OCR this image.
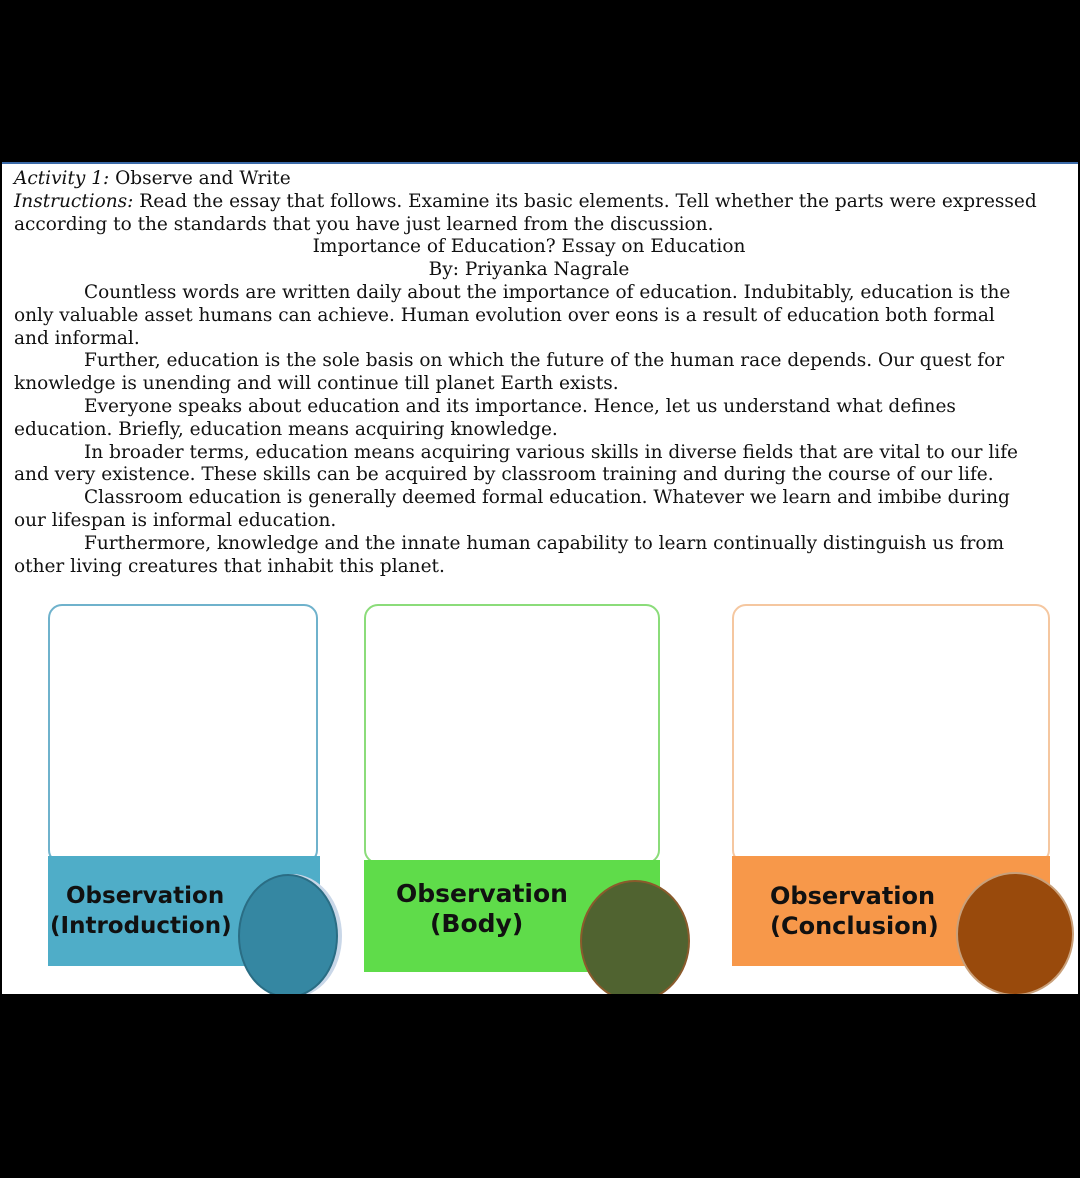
Activity 1: Observe and Write
Instructions: Read the essay that follows. Examine its basic elements. Tell whether the parts were expressed
according to the standards that you have just learned from the discussion.
Importance of Education? Essay on Education
By: Priyanka Nagrale
Countless words are written daily about the importance of education. Indubitably, education is the
only valuable asset humans can achieve. Human evolution over eons is a result of education both formal
and informal.
Further, education is the sole basis on which the future of the human race depends. Our quest for
knowledge is unending and will continue till planet Earth exists.
Everyone speaks about education and its importance. Hence, let us understand what defines
education. Briefly, education means acquiring knowledge.
In broader terms, education means acquiring various skills in diverse fields that are vital to our life
and very existence. These skills can be acquired by classroom training and during the course of our life.
Classroom education is generally deemed formal education. Whatever we learn and imbibe during
our lifespan is informal education.
Furthermore, knowledge and the innate human capability to learn continually distinguish us from
other living creatures that inhabit this planet.
Observation
(Introduction)
Observation
(Body)
Observation
(Conclusion)
